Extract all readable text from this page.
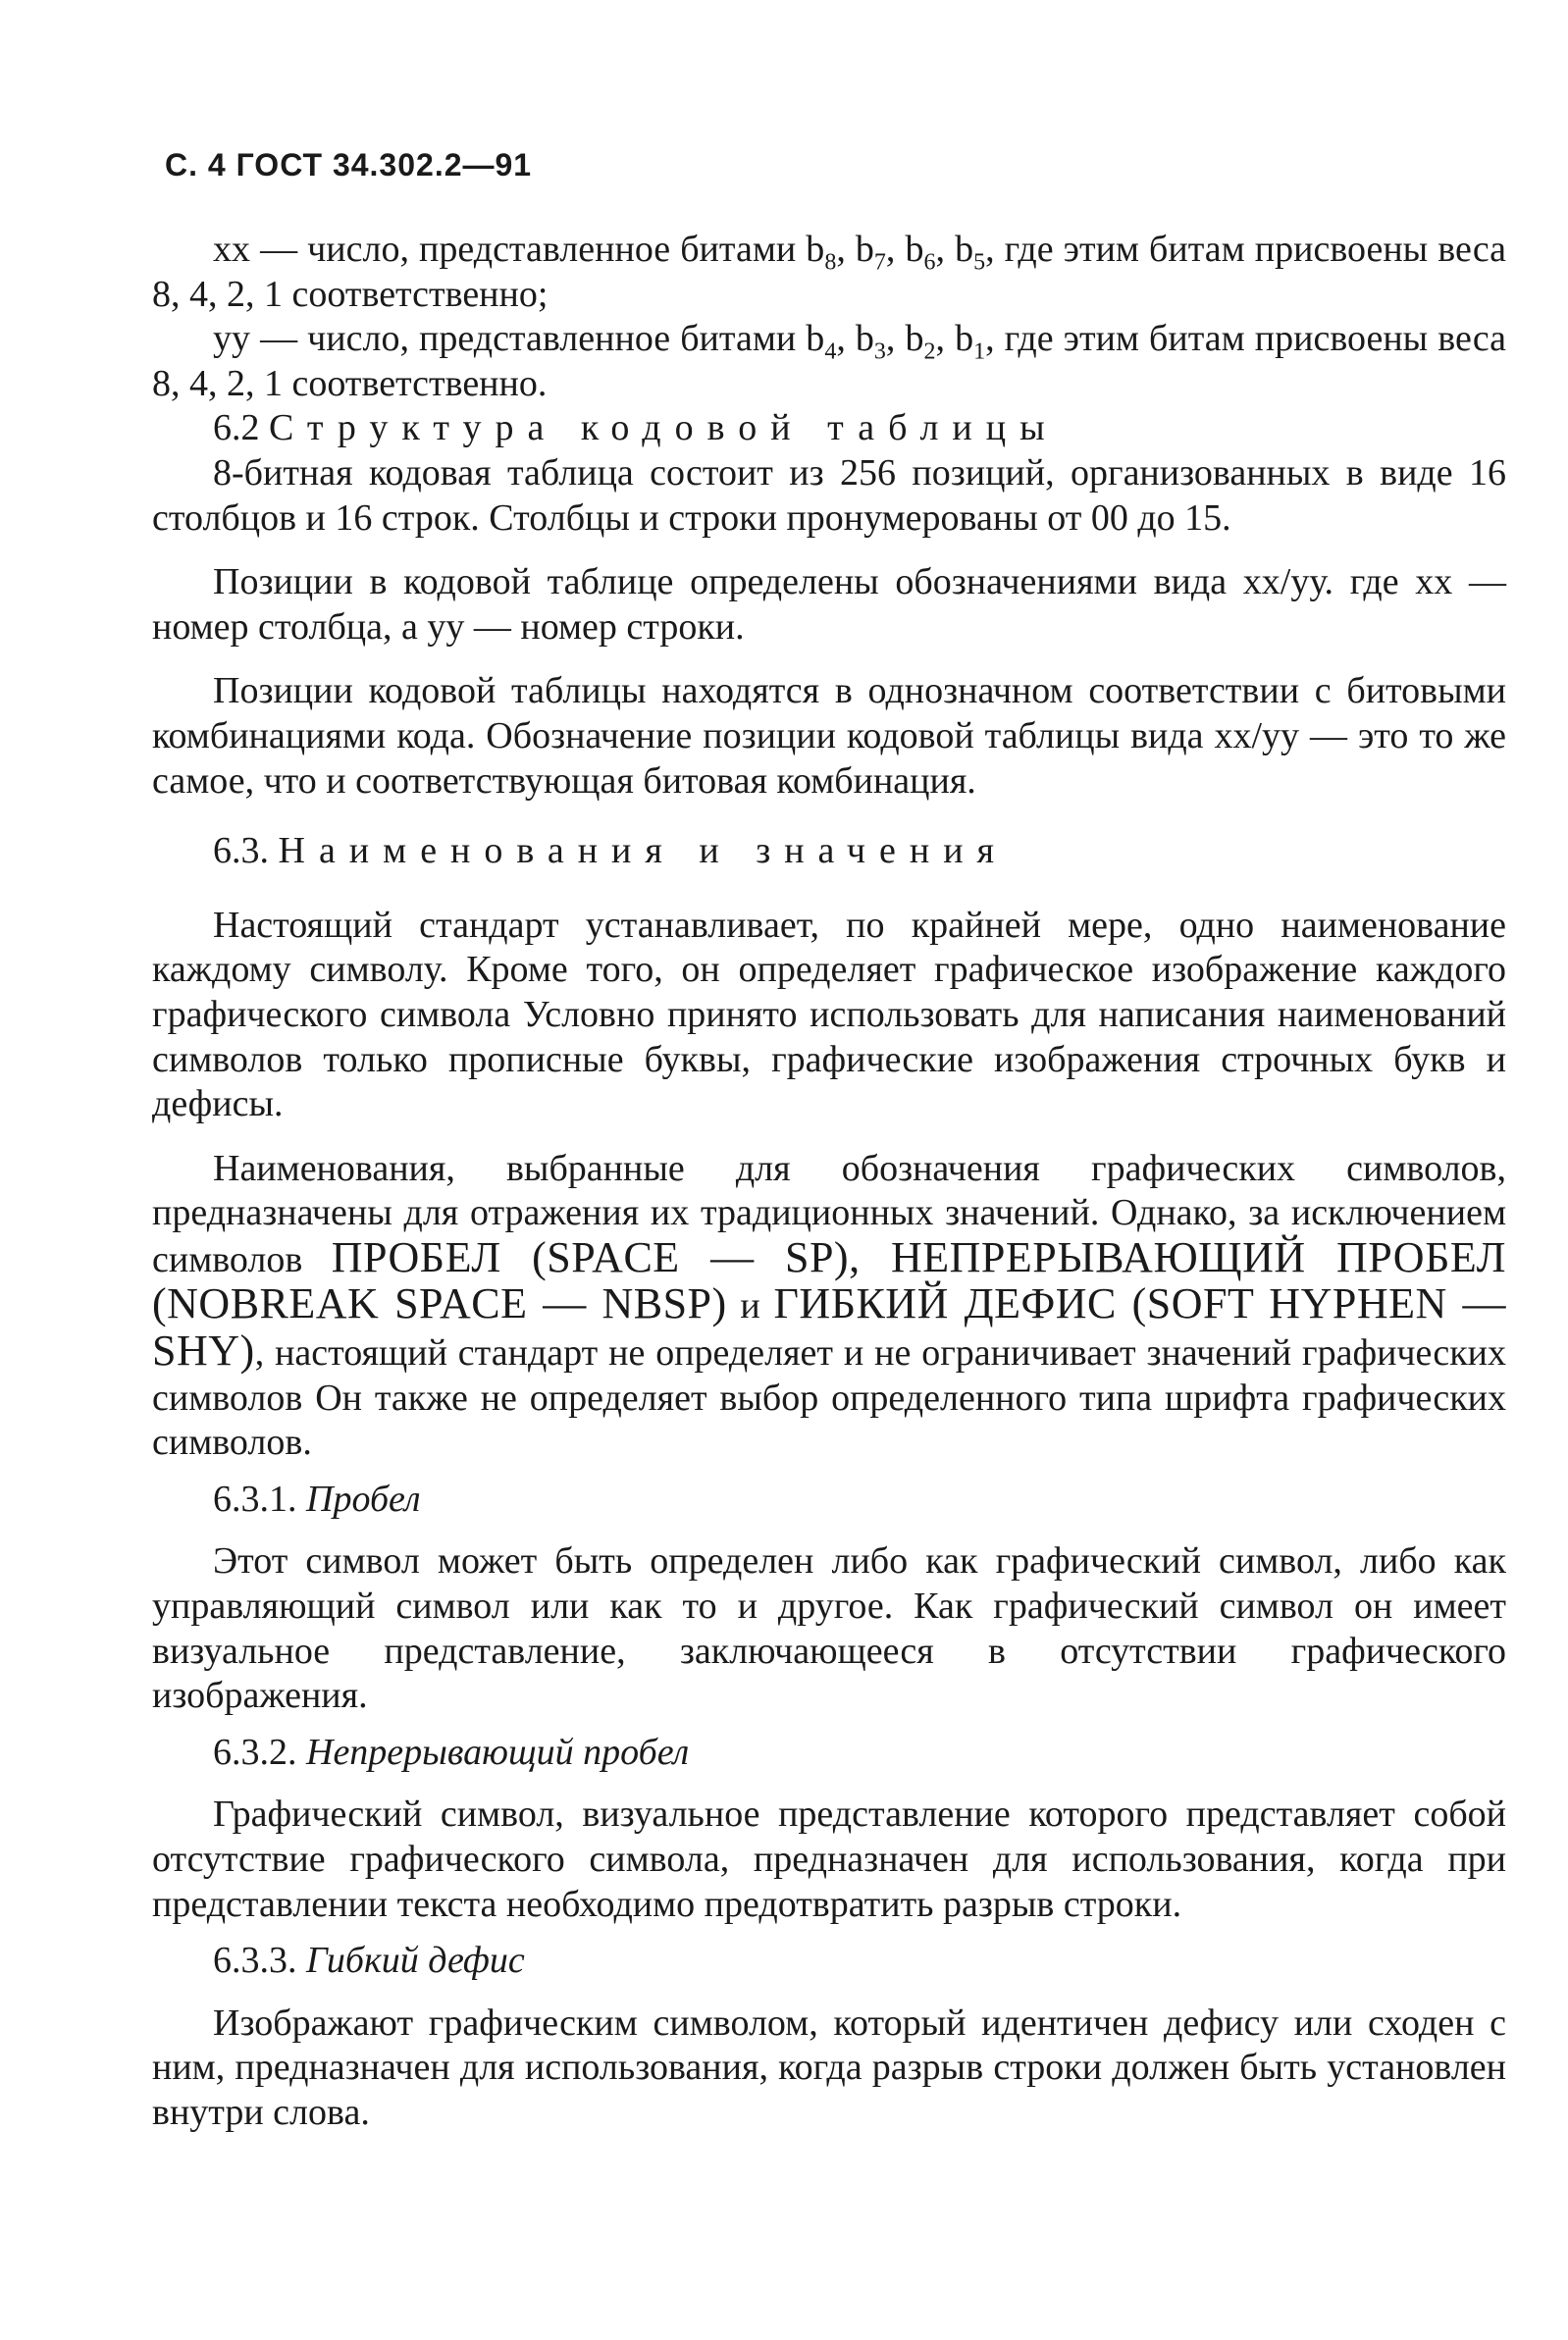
С. 4 ГОСТ 34.302.2—91

xx — число, представленное битами $b_8$, $b_7$, $b_6$, $b_5$, где этим битам присвоены веса 8, 4, 2, 1 соответственно;

уу — число, представленное битами $b_4$, $b_3$, $b_2$, $b_1$, где этим битам присвоены веса 8, 4, 2, 1 соответственно.

6.2 Структура кодовой таблицы

8-битная кодовая таблица состоит из 256 позиций, организованных в виде 16 столбцов и 16 строк. Столбцы и строки пронумерованы от 00 до 15.

Позиции в кодовой таблице определены обозначениями вида хх/уу. где хх — номер столбца, а уу — номер строки.

Позиции кодовой таблицы находятся в однозначном соответствии с битовыми комбинациями кода. Обозначение позиции кодовой таблицы вида хх/уу — это то же самое, что и соответствующая битовая комбинация.

6.3. Наименования и значения

Настоящий стандарт устанавливает, по крайней мере, одно наименование каждому символу. Кроме того, он определяет графическое изображение каждого графического символа Условно принято использовать для написания наименований символов только прописные буквы, графические изображения строчных букв и дефисы.

Наименования, выбранные для обозначения графических символов, предназначены для отражения их традиционных значений. Однако, за исключением символов ПРОБЕЛ (SPACE — SP), НЕПРЕРЫВАЮЩИЙ ПРОБЕЛ (NOBREAK SPACE — NBSP) и ГИБКИЙ ДЕФИС (SOFT HYPHEN — SHY), настоящий стандарт не определяет и не ограничивает значений графических символов Он также не определяет выбор определенного типа шрифта графических символов.

6.3.1. Пробел

Этот символ может быть определен либо как графический символ, либо как управляющий символ или как то и другое. Как графический символ он имеет визуальное представление, заключающееся в отсутствии графического изображения.

6.3.2. Непрерывающий пробел

Графический символ, визуальное представление которого представляет собой отсутствие графического символа, предназначен для использования, когда при представлении текста необходимо предотвратить разрыв строки.

6.3.3. Гибкий дефис

Изображают графическим символом, который идентичен дефису или сходен с ним, предназначен для использования, когда разрыв строки должен быть установлен внутри слова.
